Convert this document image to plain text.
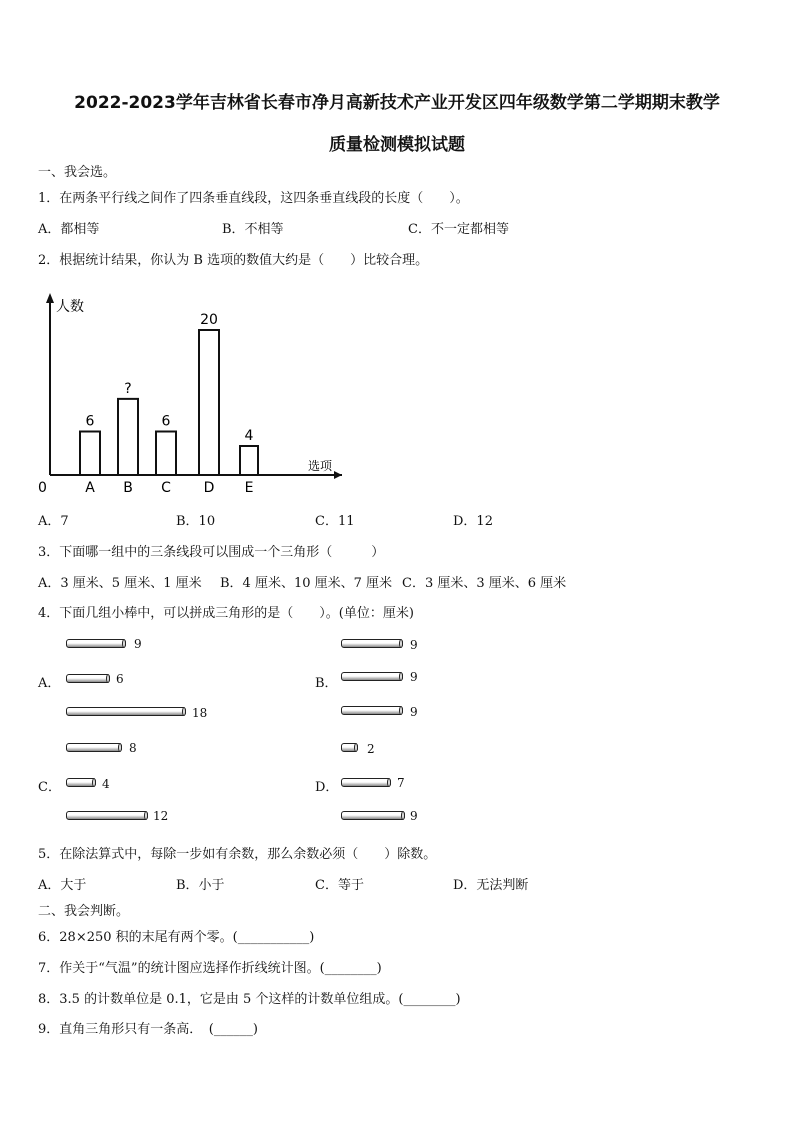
2022-2023学年吉林省长春市净月高新技术产业开发区四年级数学第二学期期末教学
质量检测模拟试题
一、我会选。
1．在两条平行线之间作了四条垂直线段，这四条垂直线段的长度（　　）。
A．都相等	B．不相等	C．不一定都相等
2．根据统计结果，你认为 B 选项的数值大约是（　　）比较合理。
人数
选项
0
6
A
?
B
6
C
20
D
4
E
A．7	B．10	C．11	D．12
3．下面哪一组中的三条线段可以围成一个三角形（　　　）
A．3 厘米、5 厘米、1 厘米 B．4 厘米、10 厘米、7 厘米 C．3 厘米、3 厘米、6 厘米
4．下面几组小棒中，可以拼成三角形的是（　　）。(单位：厘米)
A．
9
6
18
B．
9
9
9
C．
8
4
12
D．
2
7
9
5．在除法算式中，每除一步如有余数，那么余数必须（　　）除数。
A．大于	B．小于	C．等于	D．无法判断
二、我会判断。
6．28×250 积的末尾有两个零。(___________)
7．作关于“气温”的统计图应选择作折线统计图。(________)
8．3.5 的计数单位是 0.1，它是由 5 个这样的计数单位组成。(________)
9．直角三角形只有一条高．　(______)
